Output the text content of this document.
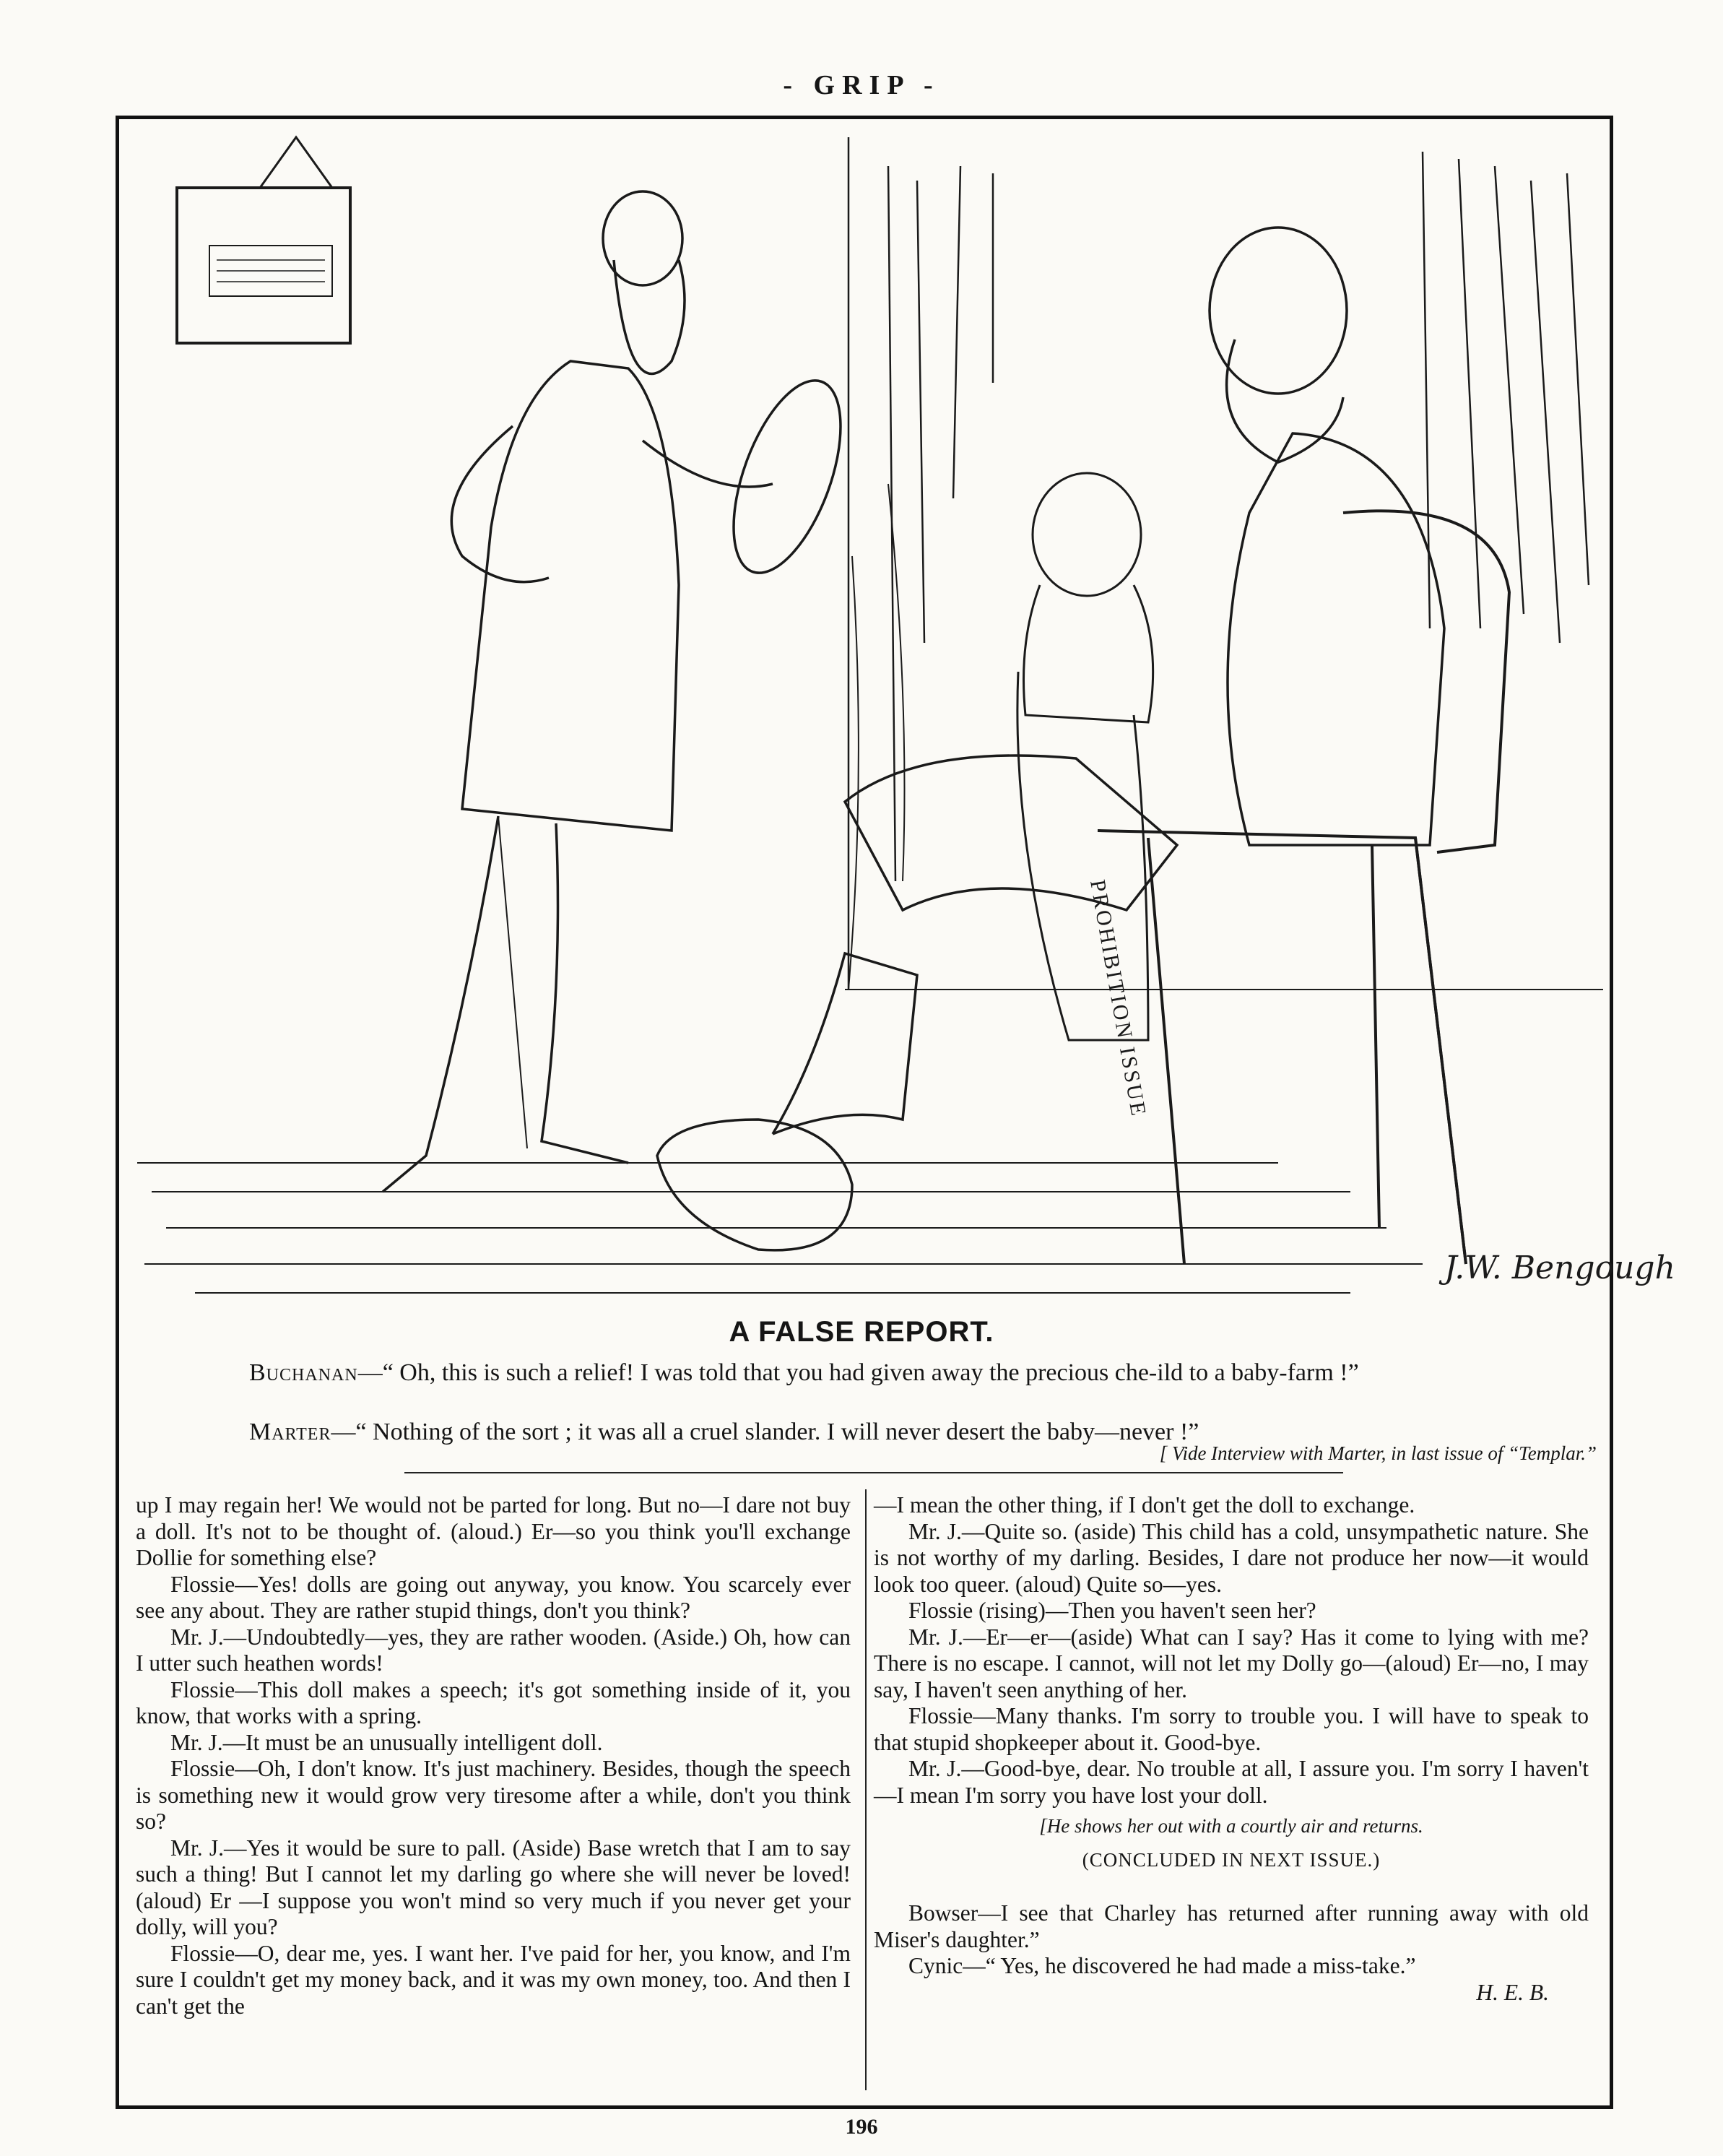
- GRIP -
PROHIBITION ISSUE
J.W. Bengough
A FALSE REPORT.
Buchanan—“ Oh, this is such a relief! I was told that you had given away the precious che-ild to a baby-farm !”
Marter—“ Nothing of the sort ; it was all a cruel slander. I will never desert the baby—never !”
[ Vide Interview with Marter, in last issue of “Templar.”

up I may regain her! We would not be parted for long. But no—I dare not buy a doll. It's not to be thought of. (aloud.) Er—so you think you'll exchange Dollie for something else?

Flossie—Yes! dolls are going out anyway, you know. You scarcely ever see any about. They are rather stupid things, don't you think?

Mr. J.—Undoubtedly—yes, they are rather wooden. (Aside.) Oh, how can I utter such heathen words!

Flossie—This doll makes a speech; it's got something inside of it, you know, that works with a spring.

Mr. J.—It must be an unusually intelligent doll.

Flossie—Oh, I don't know. It's just machinery. Besides, though the speech is something new it would grow very tiresome after a while, don't you think so?

Mr. J.—Yes it would be sure to pall. (Aside) Base wretch that I am to say such a thing! But I cannot let my darling go where she will never be loved! (aloud) Er —I suppose you won't mind so very much if you never get your dolly, will you?

Flossie—O, dear me, yes. I want her. I've paid for her, you know, and I'm sure I couldn't get my money back, and it was my own money, too. And then I can't get the

—I mean the other thing, if I don't get the doll to exchange.

Mr. J.—Quite so. (aside) This child has a cold, unsympathetic nature. She is not worthy of my darling. Besides, I dare not produce her now—it would look too queer. (aloud) Quite so—yes.

Flossie (rising)—Then you haven't seen her?

Mr. J.—Er—er—(aside) What can I say? Has it come to lying with me? There is no escape. I cannot, will not let my Dolly go—(aloud) Er—no, I may say, I haven't seen anything of her.

Flossie—Many thanks. I'm sorry to trouble you. I will have to speak to that stupid shopkeeper about it. Good-bye.

Mr. J.—Good-bye, dear. No trouble at all, I assure you. I'm sorry I haven't—I mean I'm sorry you have lost your doll.

[He shows her out with a courtly air and returns.

(CONCLUDED IN NEXT ISSUE.)

Bowser—I see that Charley has returned after running away with old Miser's daughter.”

Cynic—“ Yes, he discovered he had made a miss-take.”

H. E. B.

196
